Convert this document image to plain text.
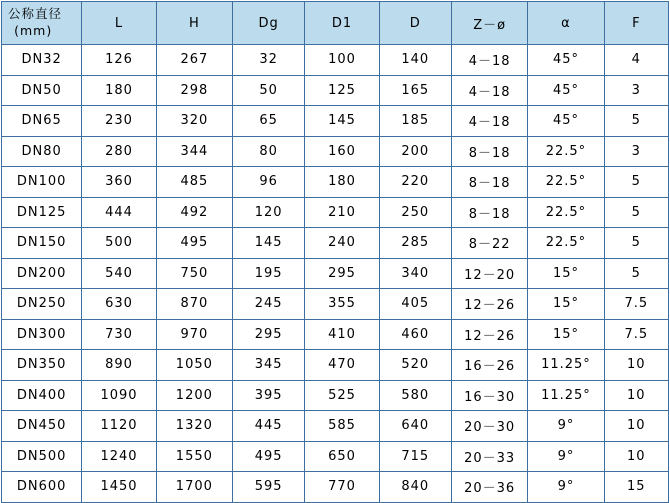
公称直径
(mm)	L	H	Dg	D1	D	Z－ø	α	F
DN32	126	267	32	100	140	4－18	45°	4
DN50	180	298	50	125	165	4－18	45°	3
DN65	230	320	65	145	185	4－18	45°	5
DN80	280	344	80	160	200	8－18	22.5°	3
DN100	360	485	96	180	220	8－18	22.5°	5
DN125	444	492	120	210	250	8－18	22.5°	5
DN150	500	495	145	240	285	8－22	22.5°	5
DN200	540	750	195	295	340	12－20	15°	5
DN250	630	870	245	355	405	12－26	15°	7.5
DN300	730	970	295	410	460	12－26	15°	7.5
DN350	890	1050	345	470	520	16－26	11.25°	10
DN400	1090	1200	395	525	580	16－30	11.25°	10
DN450	1120	1320	445	585	640	20－30	9°	10
DN500	1240	1550	495	650	715	20－33	9°	10
DN600	1450	1700	595	770	840	20－36	9°	15
